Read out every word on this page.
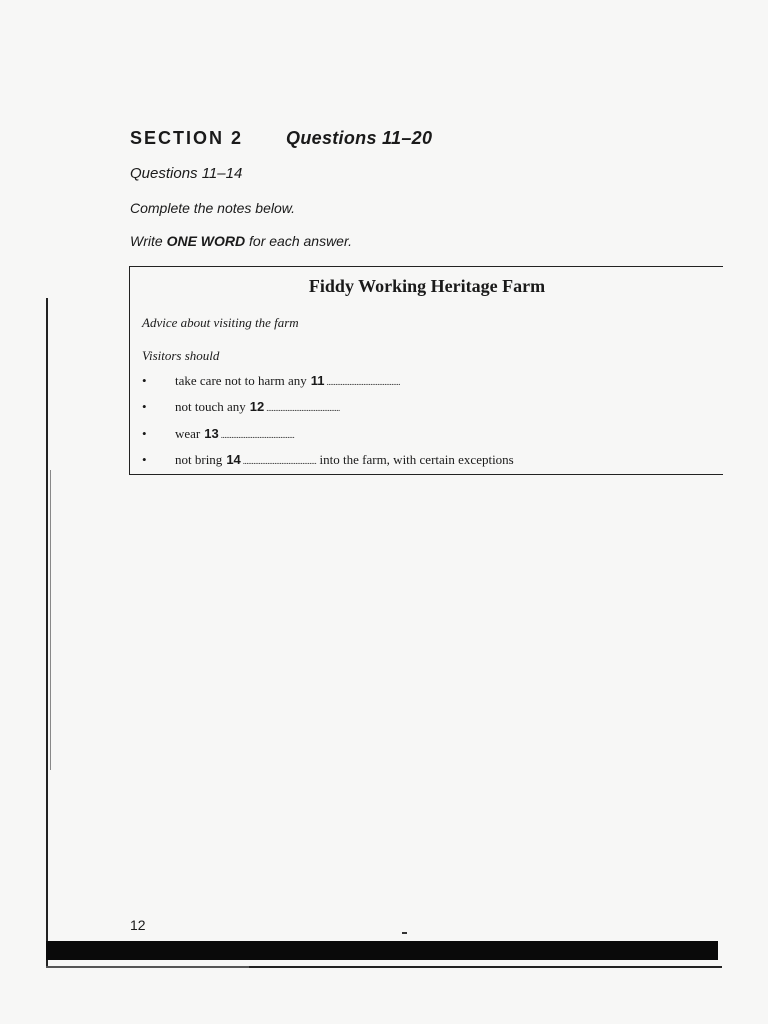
SECTION 2 Questions 11–20
Questions 11–14
Complete the notes below.
Write ONE WORD for each answer.
Fiddy Working Heritage Farm
Advice about visiting the farm
Visitors should
•	take care not to harm any 11 ..........................................
•	not touch any 12 ..........................................
•	wear 13 ..........................................
•	not bring 14 .......................................... into the farm, with certain exceptions
12
